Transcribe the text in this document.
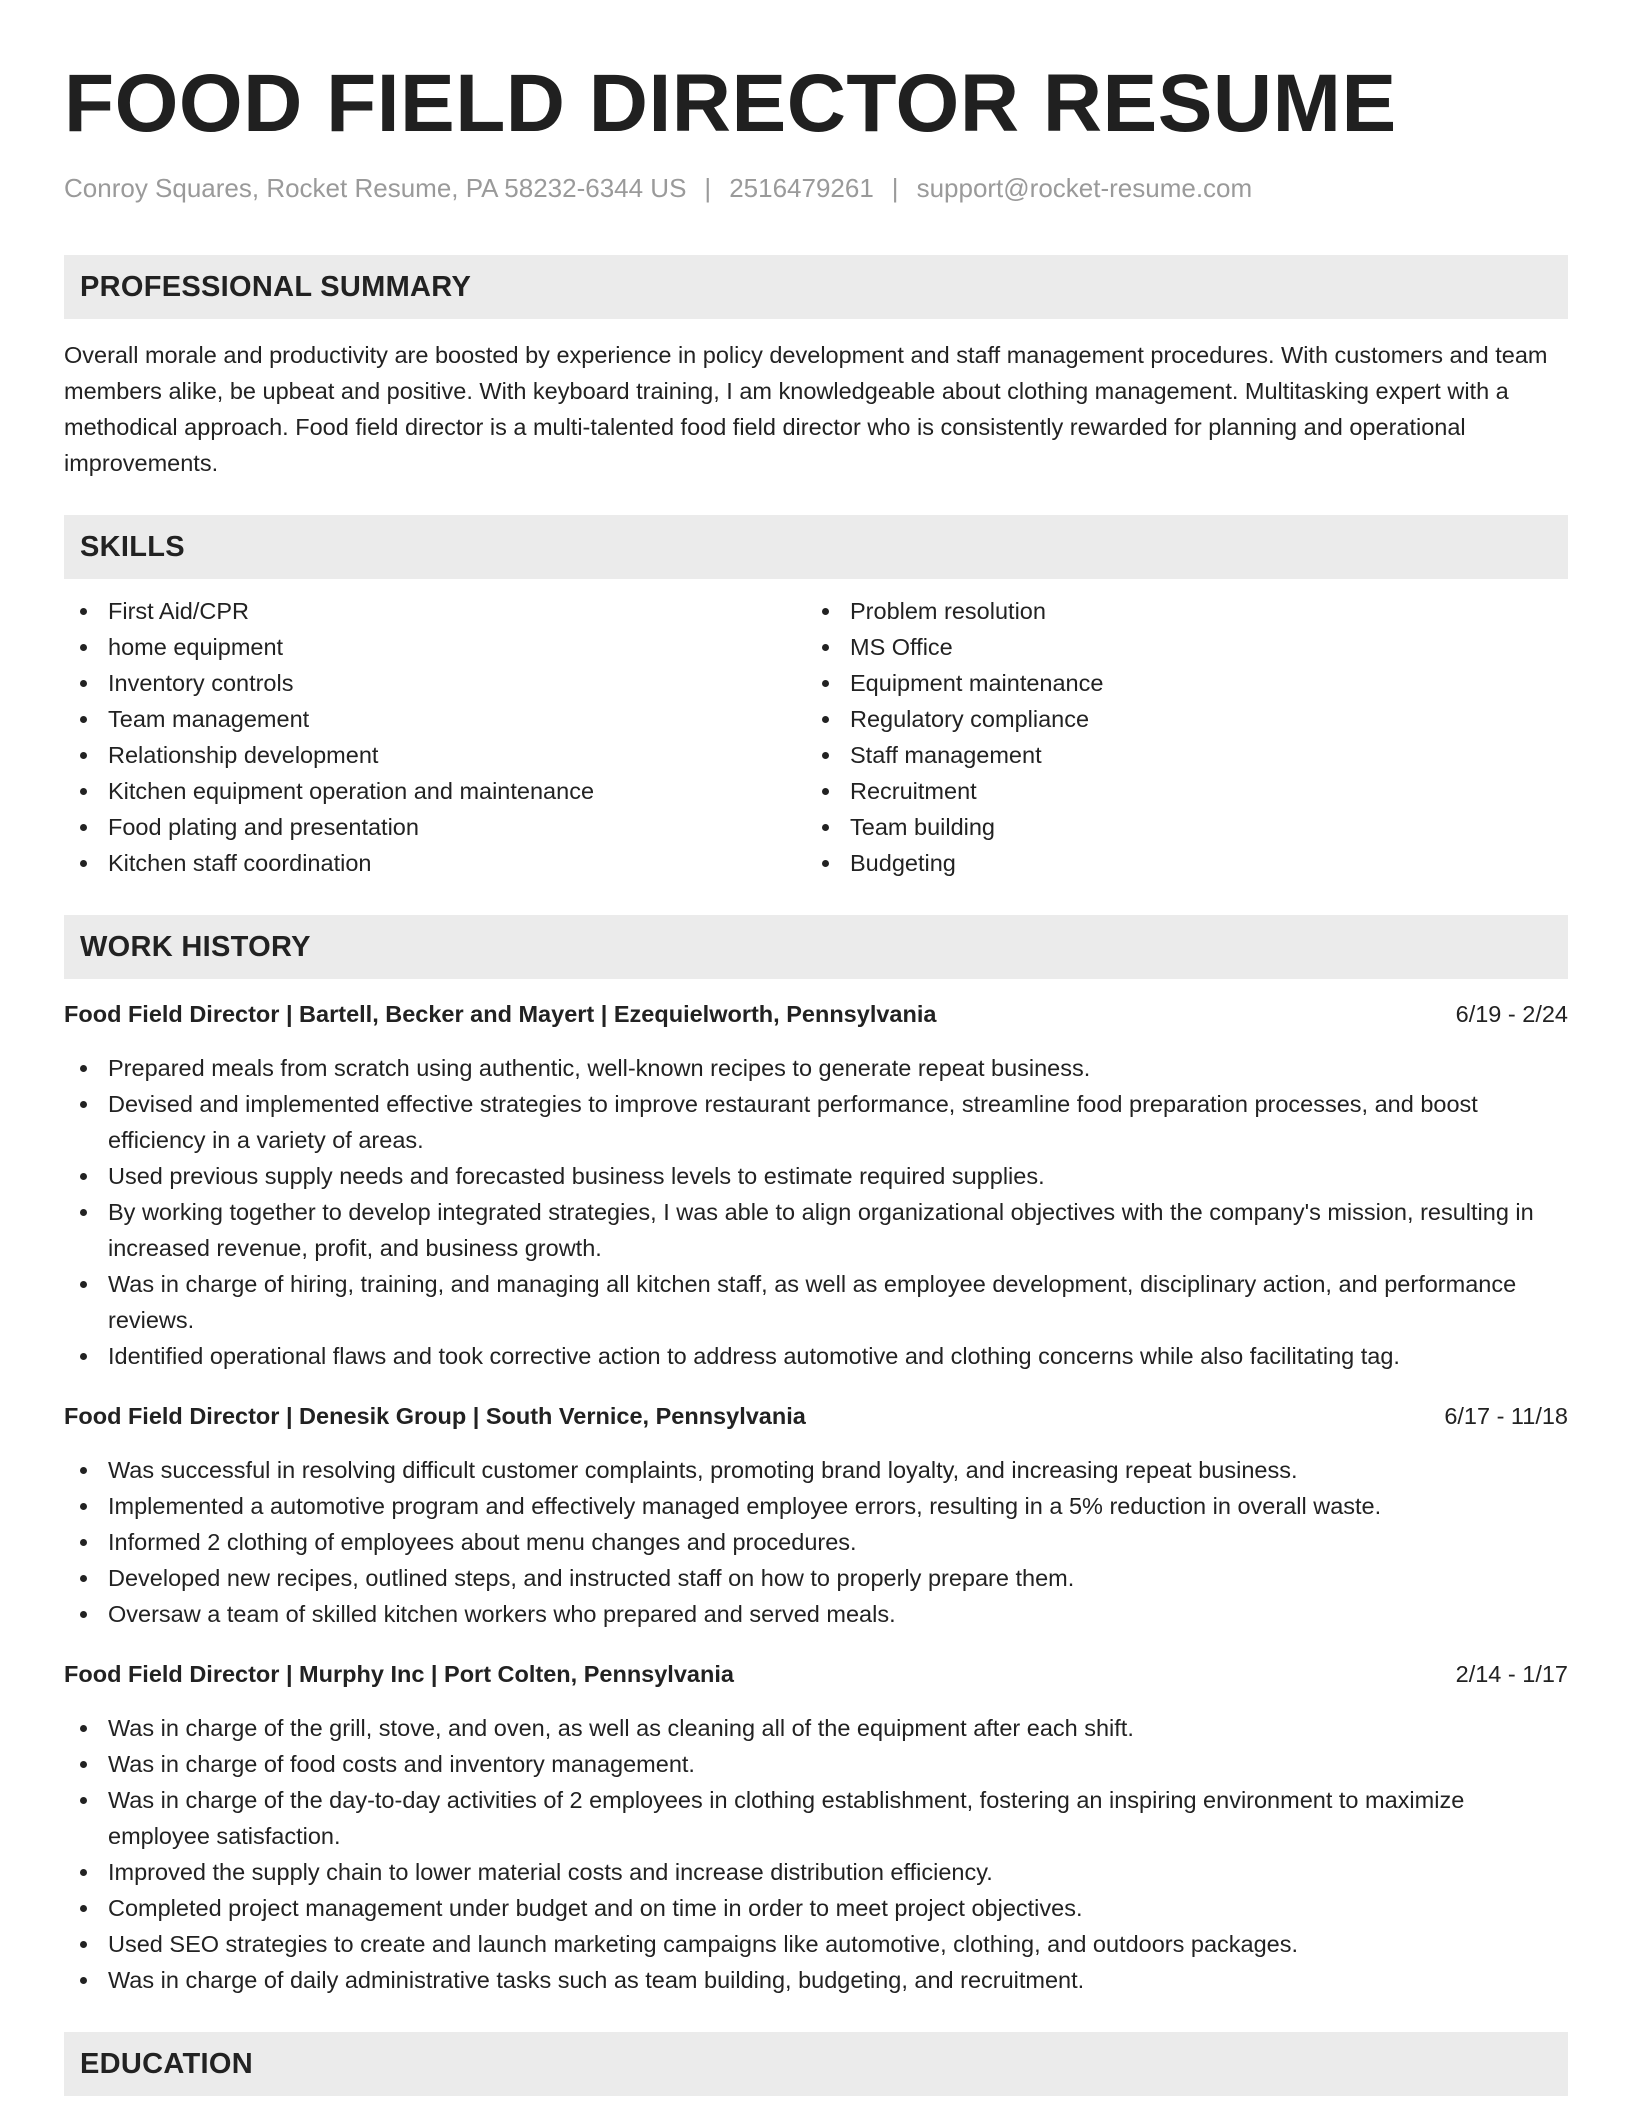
FOOD FIELD DIRECTOR RESUME
Conroy Squares, Rocket Resume, PA 58232-6344 US | 2516479261 | support@rocket-resume.com
PROFESSIONAL SUMMARY
Overall morale and productivity are boosted by experience in policy development and staff management procedures. With customers and team members alike, be upbeat and positive. With keyboard training, I am knowledgeable about clothing management. Multitasking expert with a methodical approach. Food field director is a multi-talented food field director who is consistently rewarded for planning and operational improvements.
SKILLS
First Aid/CPR
home equipment
Inventory controls
Team management
Relationship development
Kitchen equipment operation and maintenance
Food plating and presentation
Kitchen staff coordination
Problem resolution
MS Office
Equipment maintenance
Regulatory compliance
Staff management
Recruitment
Team building
Budgeting
WORK HISTORY
Food Field Director | Bartell, Becker and Mayert | Ezequielworth, Pennsylvania	6/19 - 2/24
Prepared meals from scratch using authentic, well-known recipes to generate repeat business.
Devised and implemented effective strategies to improve restaurant performance, streamline food preparation processes, and boost efficiency in a variety of areas.
Used previous supply needs and forecasted business levels to estimate required supplies.
By working together to develop integrated strategies, I was able to align organizational objectives with the company's mission, resulting in increased revenue, profit, and business growth.
Was in charge of hiring, training, and managing all kitchen staff, as well as employee development, disciplinary action, and performance reviews.
Identified operational flaws and took corrective action to address automotive and clothing concerns while also facilitating tag.
Food Field Director | Denesik Group | South Vernice, Pennsylvania	6/17 - 11/18
Was successful in resolving difficult customer complaints, promoting brand loyalty, and increasing repeat business.
Implemented a automotive program and effectively managed employee errors, resulting in a 5% reduction in overall waste.
Informed 2 clothing of employees about menu changes and procedures.
Developed new recipes, outlined steps, and instructed staff on how to properly prepare them.
Oversaw a team of skilled kitchen workers who prepared and served meals.
Food Field Director | Murphy Inc | Port Colten, Pennsylvania	2/14 - 1/17
Was in charge of the grill, stove, and oven, as well as cleaning all of the equipment after each shift.
Was in charge of food costs and inventory management.
Was in charge of the day-to-day activities of 2 employees in clothing establishment, fostering an inspiring environment to maximize employee satisfaction.
Improved the supply chain to lower material costs and increase distribution efficiency.
Completed project management under budget and on time in order to meet project objectives.
Used SEO strategies to create and launch marketing campaigns like automotive, clothing, and outdoors packages.
Was in charge of daily administrative tasks such as team building, budgeting, and recruitment.
EDUCATION
